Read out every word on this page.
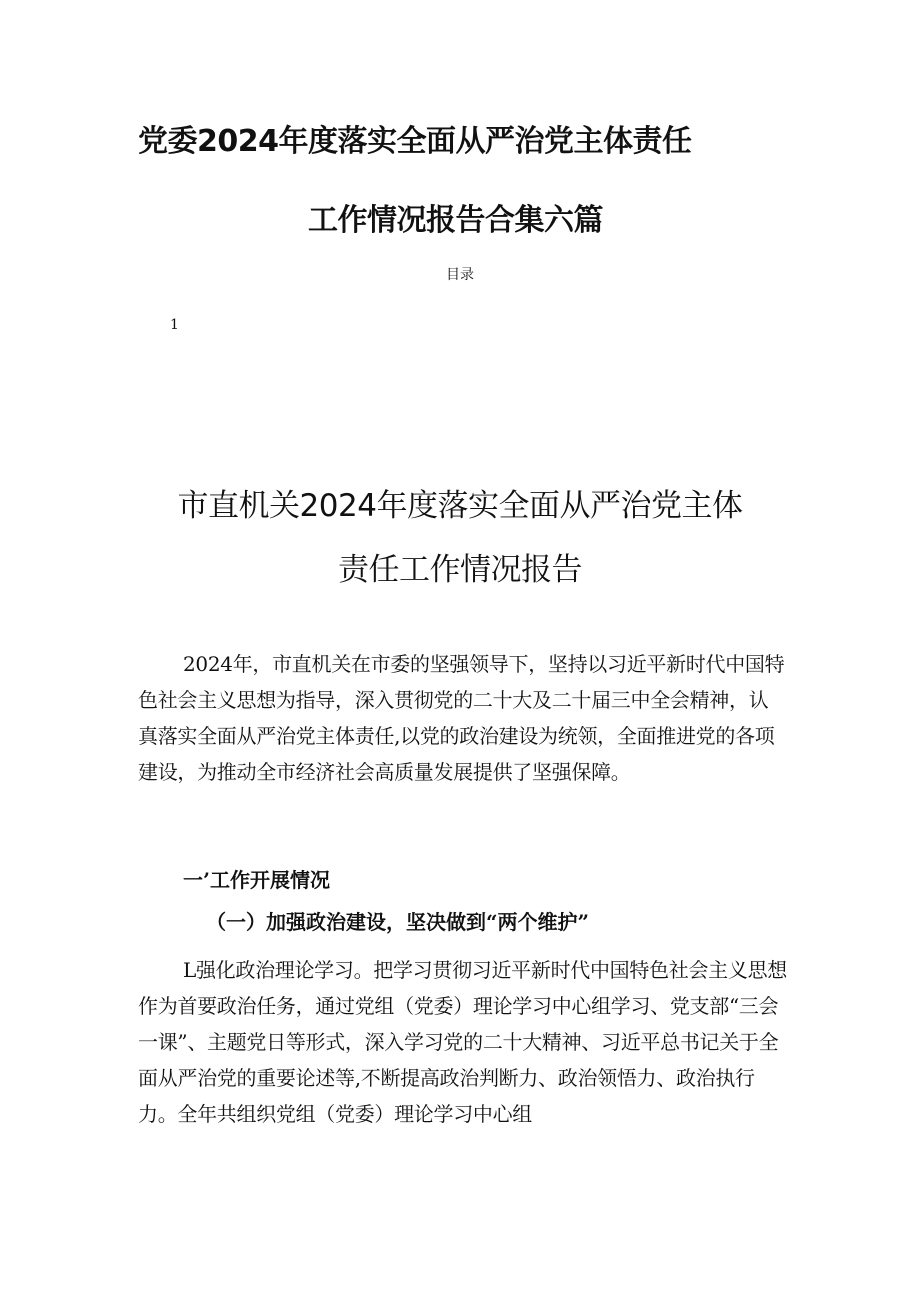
党委2024年度落实全面从严治党主体责任
工作情况报告合集六篇
目录
1
市直机关2024年度落实全面从严治党主体
责任工作情况报告

2024年，市直机关在市委的坚强领导下，坚持以习近平新时代中国特色社会主义思想为指导，深入贯彻党的二十大及二十届三中全会精神，认真落实全面从严治党主体责任,以党的政治建设为统领，全面推进党的各项建设，为推动全市经济社会高质量发展提供了坚强保障。

一’工作开展情况
（一）加强政治建设，坚决做到“两个维护”

L强化政治理论学习。把学习贯彻习近平新时代中国特色社会主义思想作为首要政治任务，通过党组（党委）理论学习中心组学习、党支部“三会一课”、主题党日等形式，深入学习党的二十大精神、习近平总书记关于全面从严治党的重要论述等,不断提高政治判断力、政治领悟力、政治执行力。全年共组织党组（党委）理论学习中心组
